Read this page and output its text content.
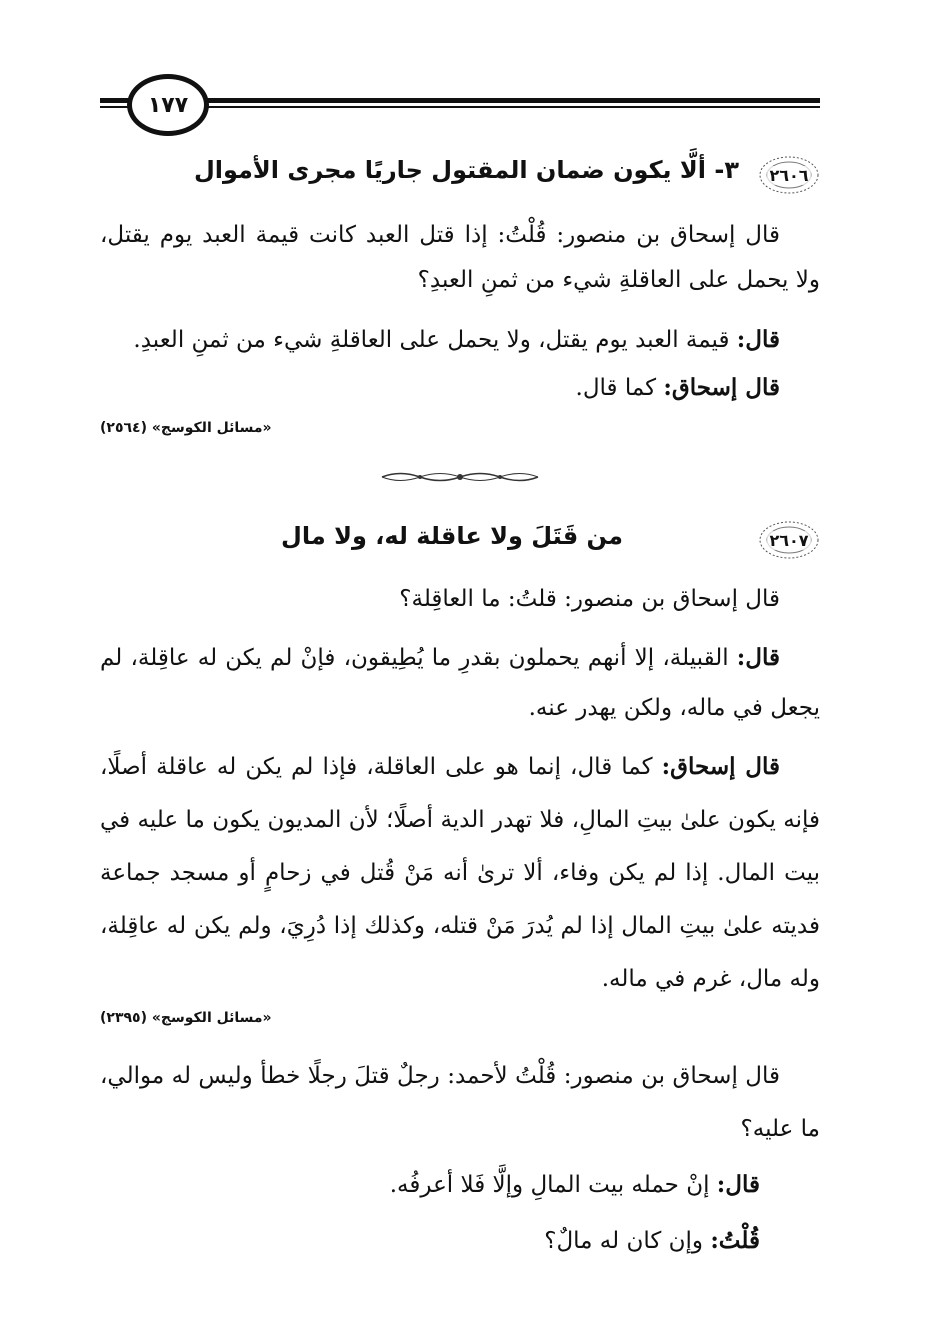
١٧٧
٢٦٠٦
٣- ألَّا يكون ضمان المقتول جاريًا مجرى الأموال
قال إسحاق بن منصور: قُلْتُ: إذا قتل العبد كانت قيمة العبد يوم يقتل، ولا يحمل على العاقلةِ شيء من ثمنِ العبدِ؟
قال: قيمة العبد يوم يقتل، ولا يحمل على العاقلةِ شيء من ثمنِ العبدِ.
قال إسحاق: كما قال.
«مسائل الكوسج» (٢٥٦٤)
٢٦٠٧
من قَتَلَ ولا عاقلة له، ولا مال
قال إسحاق بن منصور: قلتُ: ما العاقِلة؟
قال: القبيلة، إلا أنهم يحملون بقدرِ ما يُطِيقون، فإنْ لم يكن له عاقِلة، لم يجعل في ماله، ولكن يهدر عنه.
قال إسحاق: كما قال، إنما هو على العاقلة، فإذا لم يكن له عاقلة أصلًا، فإنه يكون علىٰ بيتِ المالِ، فلا تهدر الدية أصلًا؛ لأن المديون يكون ما عليه في بيت المال. إذا لم يكن وفاء، ألا ترىٰ أنه مَنْ قُتل في زحامٍ أو مسجد جماعة فديته علىٰ بيتِ المال إذا لم يُدرَ مَنْ قتله، وكذلك إذا دُرِيَ، ولم يكن له عاقِلة، وله مال، غرم في ماله.
«مسائل الكوسج» (٢٣٩٥)
قال إسحاق بن منصور: قُلْتُ لأحمد: رجلٌ قتلَ رجلًا خطأ وليس له موالي، ما عليه؟
قال: إنْ حمله بيت المالِ وإلَّا فَلا أعرفُه.
قُلْتُ: وإن كان له مالٌ؟
